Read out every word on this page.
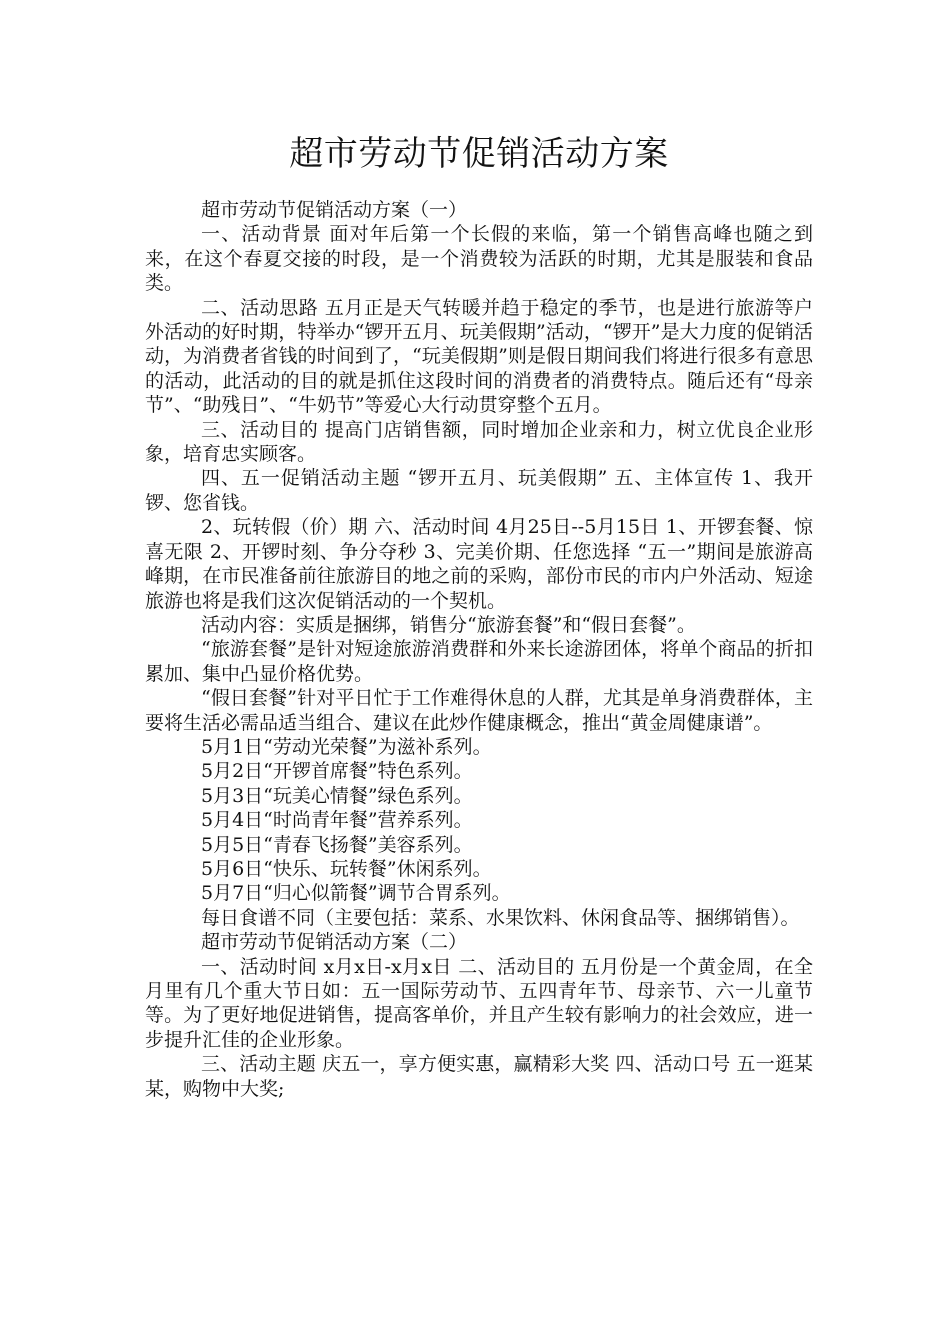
超市劳动节促销活动方案

超市劳动节促销活动方案（一）

一、活动背景 面对年后第一个长假的来临，第一个销售高峰也随之到来，在这个春夏交接的时段，是一个消费较为活跃的时期，尤其是服装和食品类。

二、活动思路 五月正是天气转暖并趋于稳定的季节，也是进行旅游等户外活动的好时期，特举办“锣开五月、玩美假期”活动，“锣开”是大力度的促销活动，为消费者省钱的时间到了，“玩美假期”则是假日期间我们将进行很多有意思的活动，此活动的目的就是抓住这段时间的消费者的消费特点。随后还有“母亲节”、“助残日”、“牛奶节”等爱心大行动贯穿整个五月。

三、活动目的 提高门店销售额，同时增加企业亲和力，树立优良企业形象，培育忠实顾客。

四、五一促销活动主题 “锣开五月、玩美假期” 五、主体宣传 1、我开锣、您省钱。

2、玩转假（价）期 六、活动时间 4月25日--5月15日 1、开锣套餐、惊喜无限 2、开锣时刻、争分夺秒 3、完美价期、任您选择 “五一”期间是旅游高峰期，在市民准备前往旅游目的地之前的采购，部份市民的市内户外活动、短途旅游也将是我们这次促销活动的一个契机。

活动内容：实质是捆绑，销售分“旅游套餐”和“假日套餐”。

“旅游套餐”是针对短途旅游消费群和外来长途游团体，将单个商品的折扣累加、集中凸显价格优势。

“假日套餐”针对平日忙于工作难得休息的人群，尤其是单身消费群体，主要将生活必需品适当组合、建议在此炒作健康概念，推出“黄金周健康谱”。

5月1日“劳动光荣餐”为滋补系列。

5月2日“开锣首席餐”特色系列。

5月3日“玩美心情餐”绿色系列。

5月4日“时尚青年餐”营养系列。

5月5日“青春飞扬餐”美容系列。

5月6日“快乐、玩转餐”休闲系列。

5月7日“归心似箭餐”调节合胃系列。

每日食谱不同（主要包括：菜系、水果饮料、休闲食品等、捆绑销售）。

超市劳动节促销活动方案（二）

一、活动时间 x月x日-x月x日 二、活动目的 五月份是一个黄金周，在全月里有几个重大节日如：五一国际劳动节、五四青年节、母亲节、六一儿童节等。为了更好地促进销售，提高客单价，并且产生较有影响力的社会效应，进一步提升汇佳的企业形象。

三、活动主题 庆五一，享方便实惠，赢精彩大奖 四、活动口号 五一逛某某，购物中大奖;
